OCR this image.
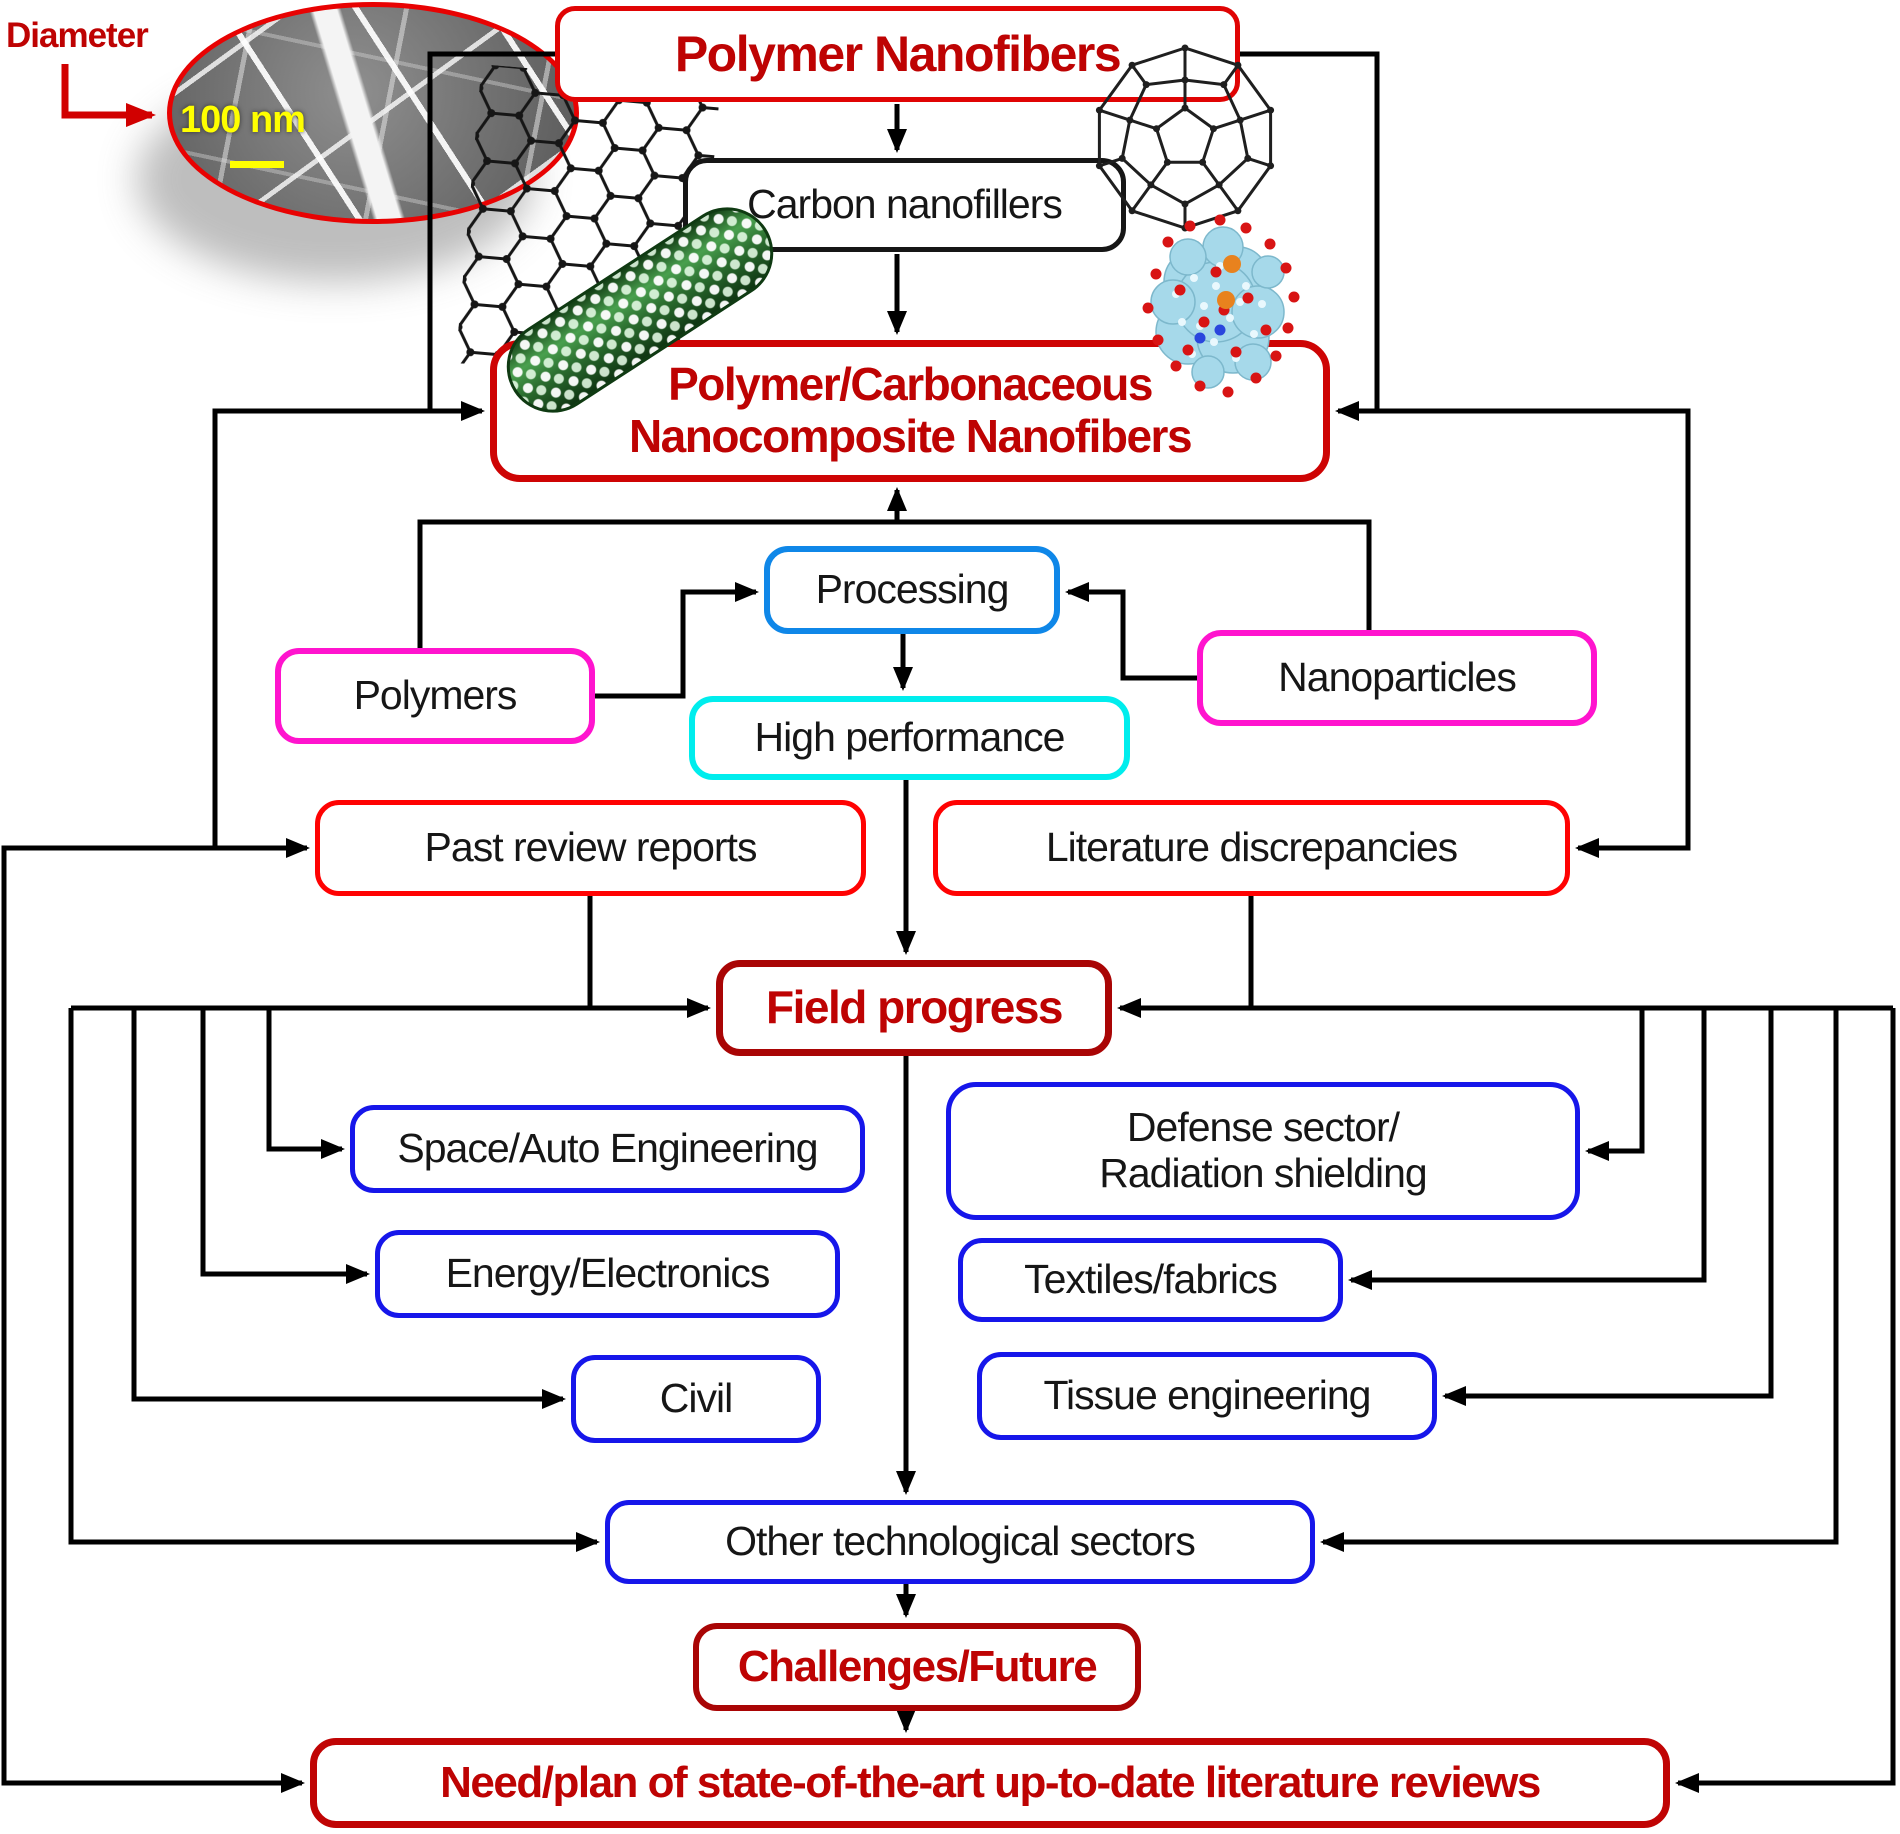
100 nm
Polymer Nanofibers
Carbon nanofillers
Polymer/Carbonaceous
Nanocomposite Nanofibers
Processing
Polymers	Nanoparticles
High performance
Past review reports	Literature discrepancies
Field progress
Space/Auto Engineering	Defense sector/
Radiation shielding
Energy/Electronics	Textiles/fabrics
Civil	Tissue engineering
Other technological sectors
Challenges/Future
Need/plan of state-of-the-art up-to-date literature reviews
Diameter
